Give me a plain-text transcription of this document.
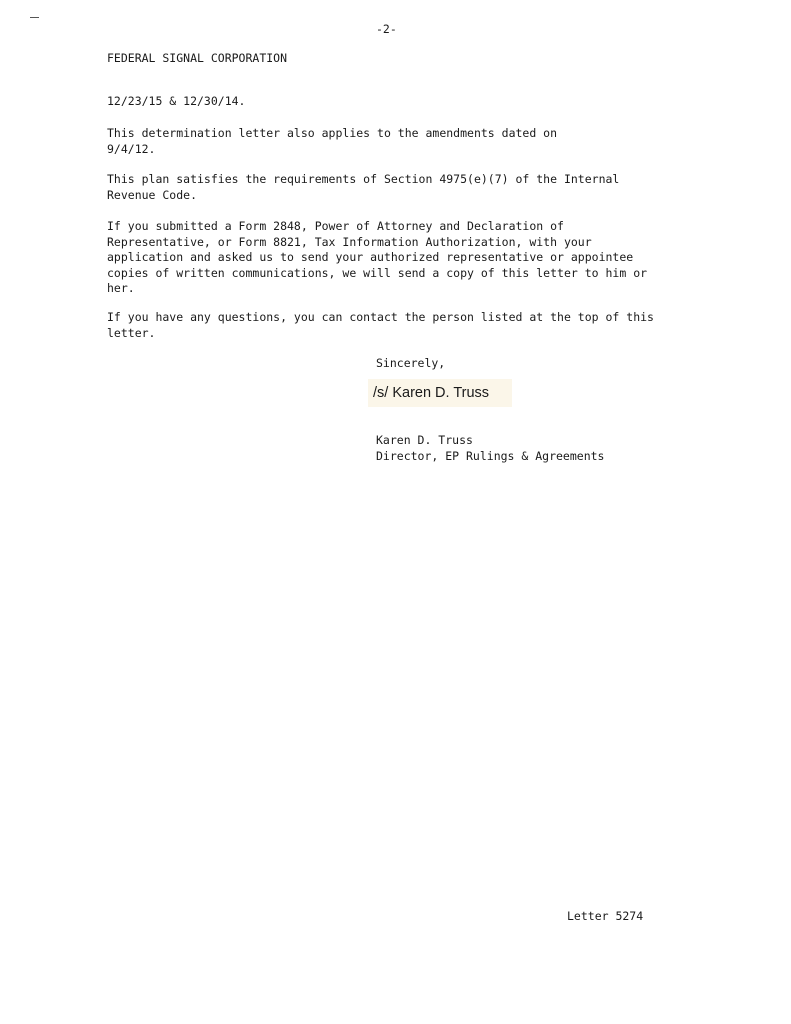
-2-
FEDERAL SIGNAL CORPORATION
12/23/15 & 12/30/14.
This determination letter also applies to the amendments dated on
9/4/12.
This plan satisfies the requirements of Section 4975(e)(7) of the Internal
Revenue Code.
If you submitted a Form 2848, Power of Attorney and Declaration of
Representative, or Form 8821, Tax Information Authorization, with your
application and asked us to send your authorized representative or appointee
copies of written communications, we will send a copy of this letter to him or
her.
If you have any questions, you can contact the person listed at the top of this
letter.
Sincerely,
/s/ Karen D. Truss
Karen D. Truss
Director, EP Rulings & Agreements
Letter 5274
